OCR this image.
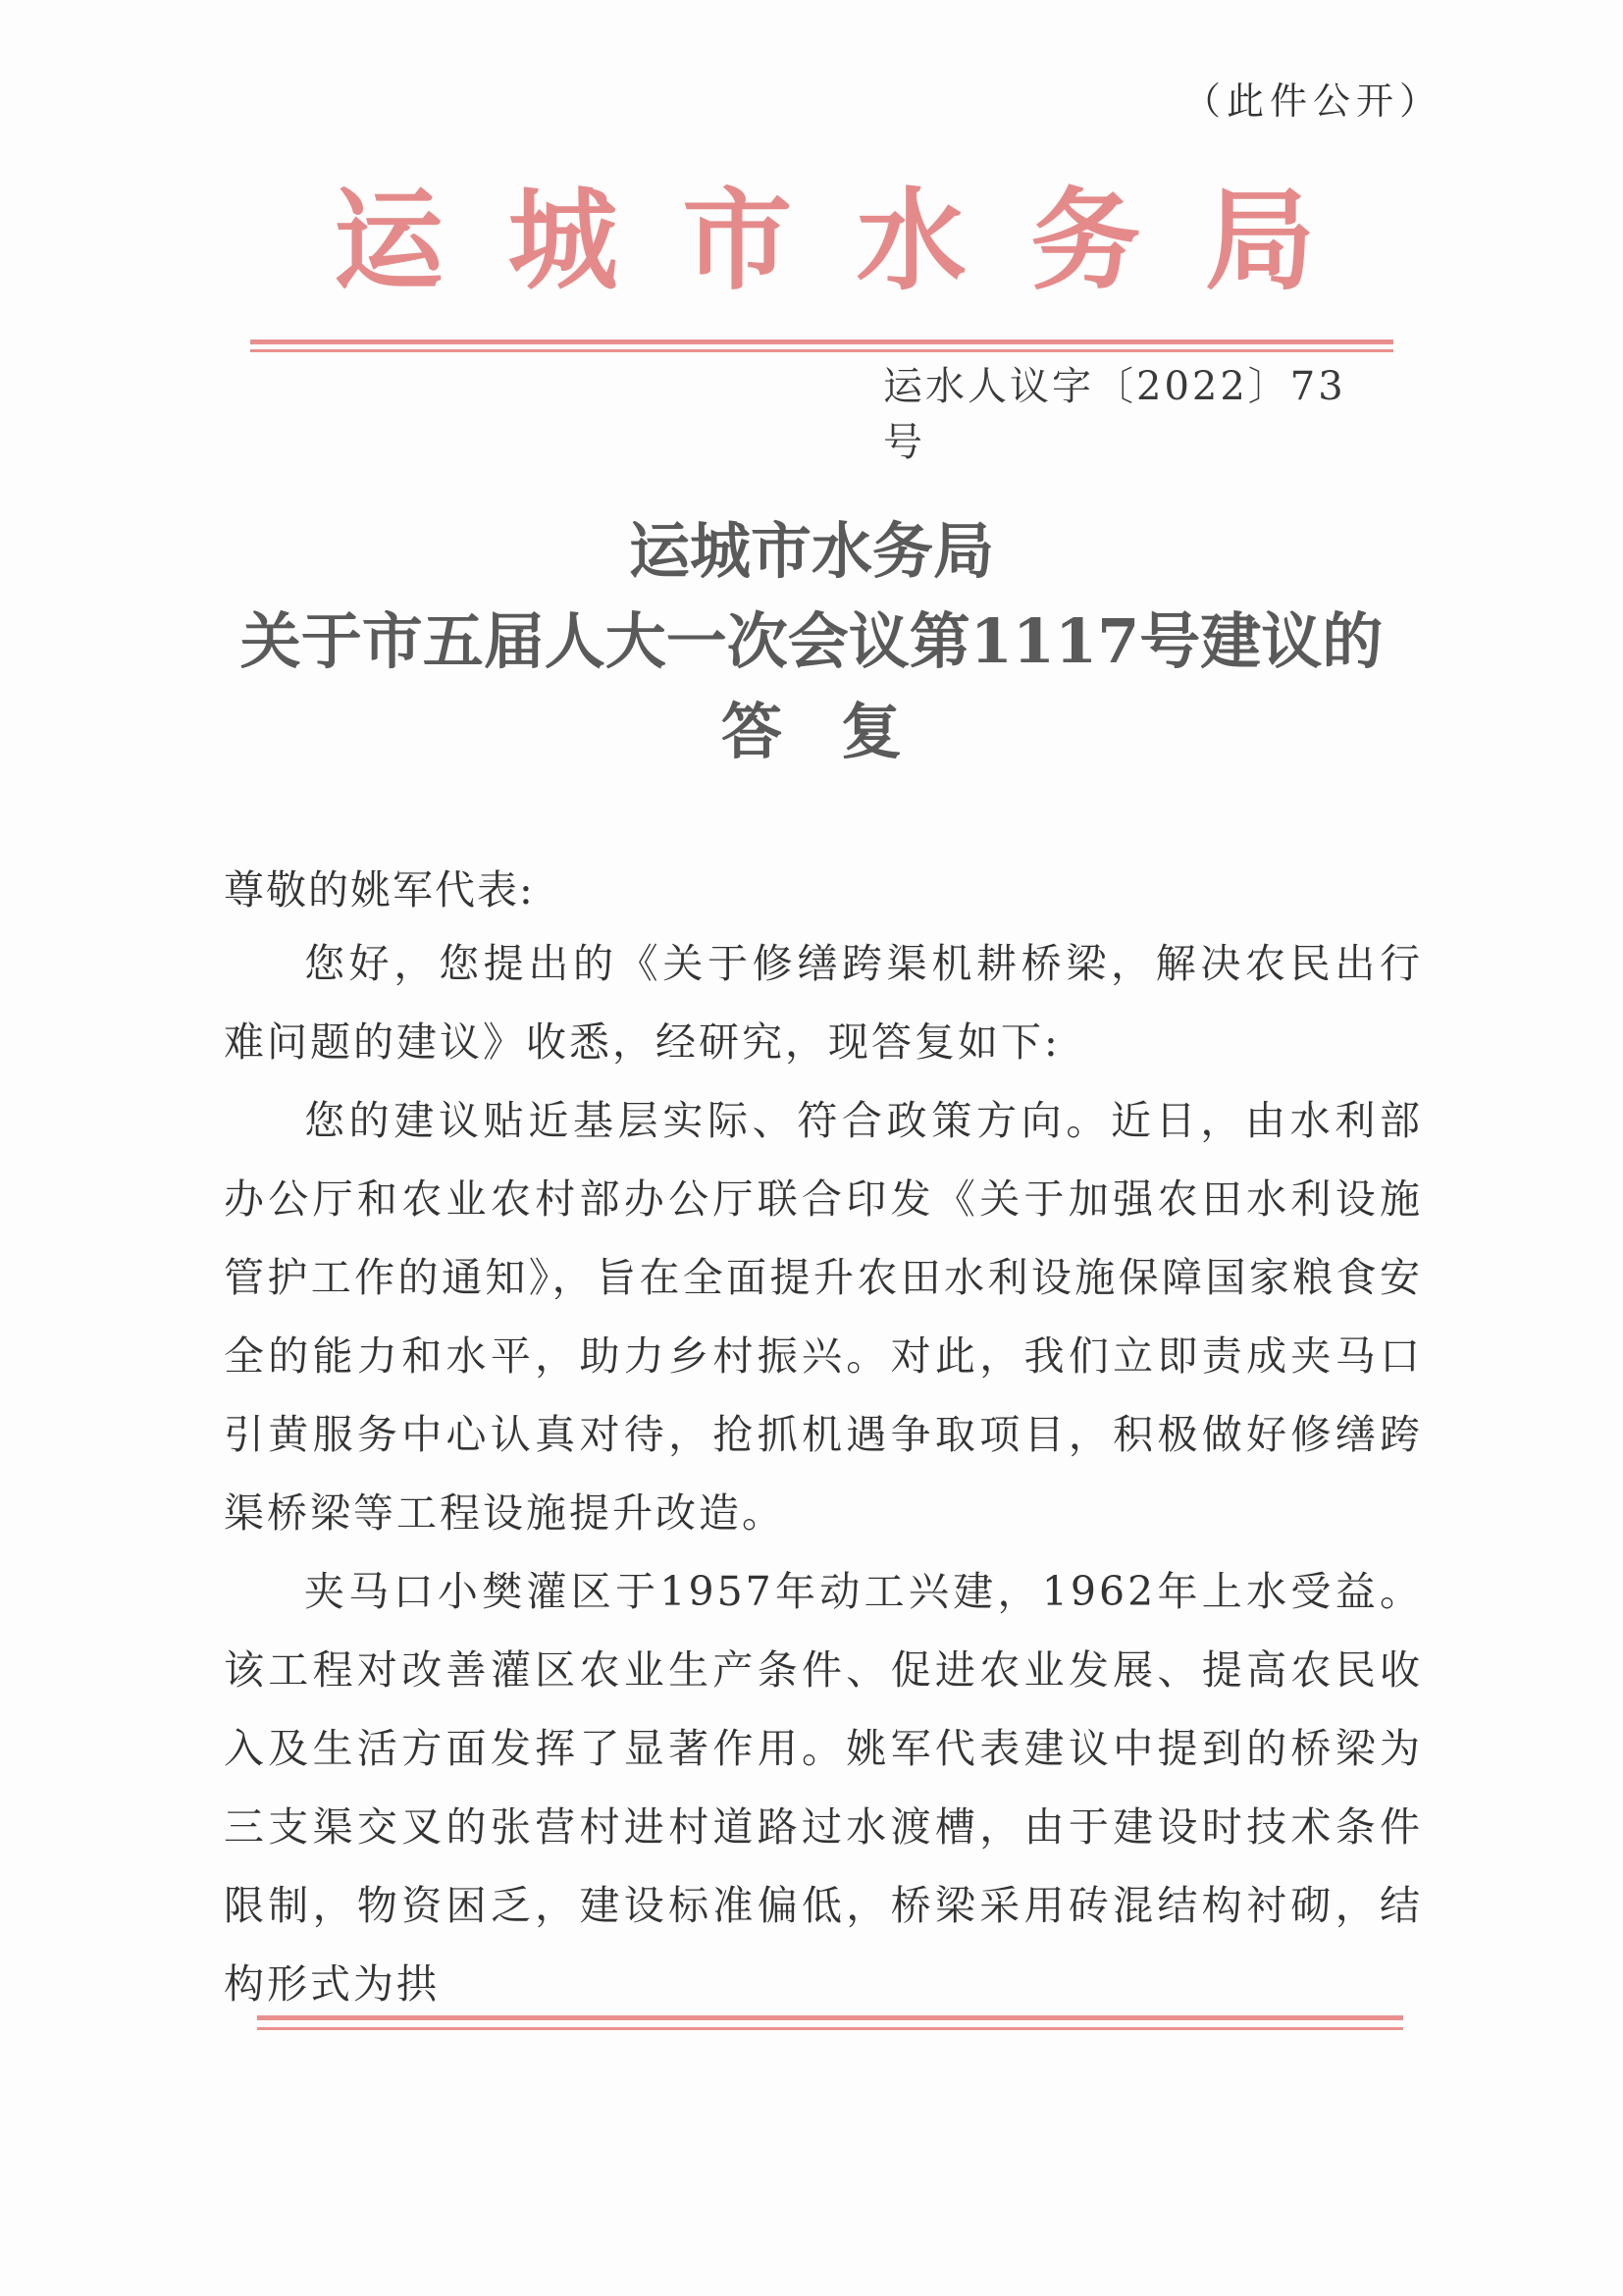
（此件公开）
运 城 市 水 务 局
运水人议字〔2022〕73号
运城市水务局
关于市五届人大一次会议第1117号建议的
答复
尊敬的姚军代表:

您好，您提出的《关于修缮跨渠机耕桥梁，解决农民出行难问题的建议》收悉，经研究，现答复如下:

您的建议贴近基层实际、符合政策方向。近日，由水利部办公厅和农业农村部办公厅联合印发《关于加强农田水利设施管护工作的通知》，旨在全面提升农田水利设施保障国家粮食安全的能力和水平，助力乡村振兴。对此，我们立即责成夹马口引黄服务中心认真对待，抢抓机遇争取项目，积极做好修缮跨渠桥梁等工程设施提升改造。

夹马口小樊灌区于1957年动工兴建，1962年上水受益。该工程对改善灌区农业生产条件、促进农业发展、提高农民收入及生活方面发挥了显著作用。姚军代表建议中提到的桥梁为三支渠交叉的张营村进村道路过水渡槽，由于建设时技术条件限制，物资困乏，建设标准偏低，桥梁采用砖混结构衬砌，结构形式为拱
